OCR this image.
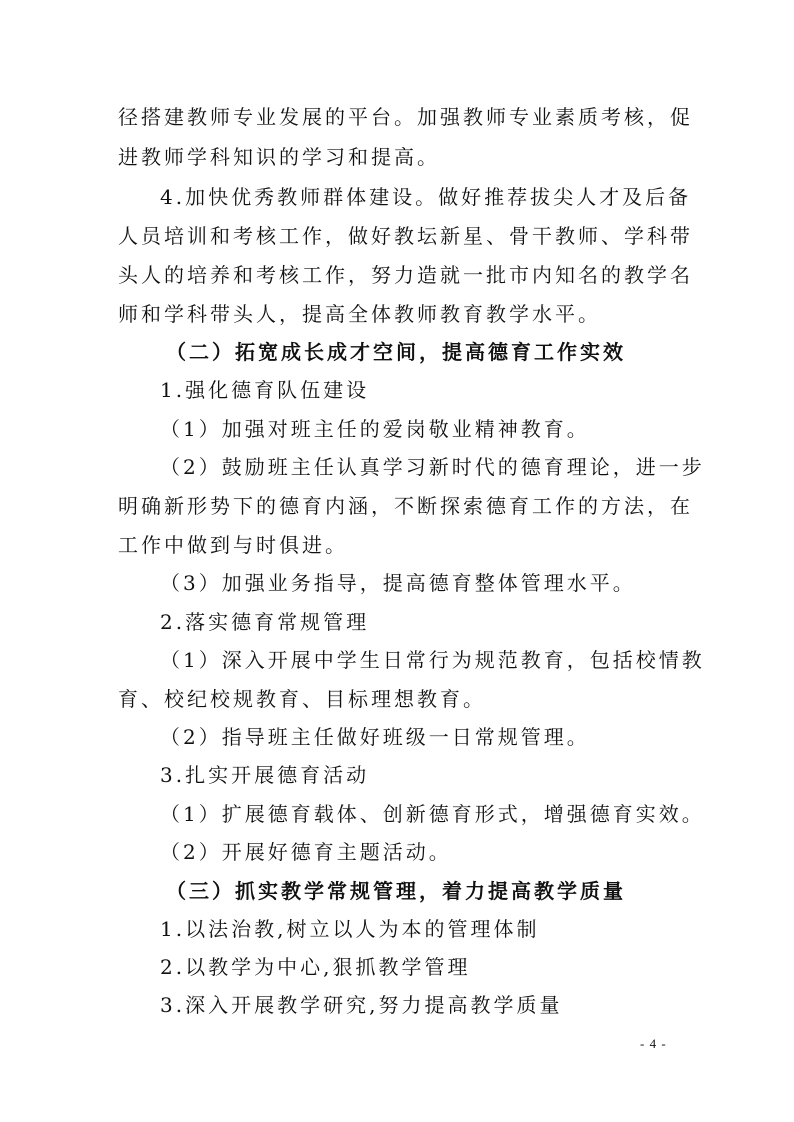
径搭建教师专业发展的平台。加强教师专业素质考核，促
进教师学科知识的学习和提高。
4.加快优秀教师群体建设。做好推荐拔尖人才及后备
人员培训和考核工作，做好教坛新星、骨干教师、学科带
头人的培养和考核工作，努力造就一批市内知名的教学名
师和学科带头人，提高全体教师教育教学水平。
（二）拓宽成长成才空间，提高德育工作实效
1.强化德育队伍建设
（1）加强对班主任的爱岗敬业精神教育。
（2）鼓励班主任认真学习新时代的德育理论，进一步
明确新形势下的德育内涵，不断探索德育工作的方法，在
工作中做到与时俱进。
（3）加强业务指导，提高德育整体管理水平。
2.落实德育常规管理
（1）深入开展中学生日常行为规范教育，包括校情教
育、校纪校规教育、目标理想教育。
（2）指导班主任做好班级一日常规管理。
3.扎实开展德育活动
（1）扩展德育载体、创新德育形式，增强德育实效。
（2）开展好德育主题活动。
（三）抓实教学常规管理，着力提高教学质量
1.以法治教,树立以人为本的管理体制
2.以教学为中心,狠抓教学管理
3.深入开展教学研究,努力提高教学质量
- 4 -
